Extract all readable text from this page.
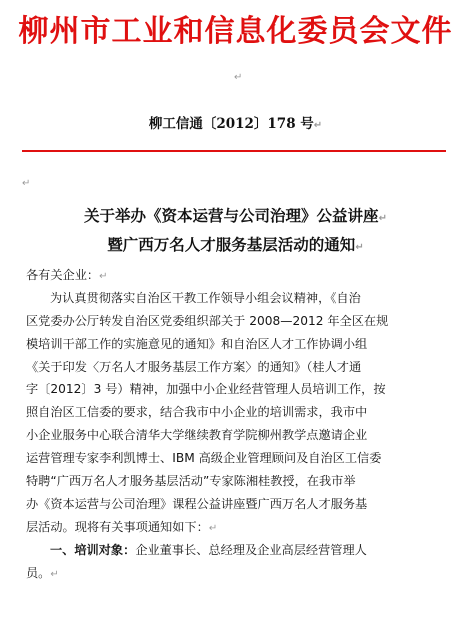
柳州市工业和信息化委员会文件
↵
柳工信通〔2012〕178 号↵
↵
关于举办《资本运营与公司治理》公益讲座↵
暨广西万名人才服务基层活动的通知↵
各有关企业：↵
为认真贯彻落实自治区干教工作领导小组会议精神，《自治
区党委办公厅转发自治区党委组织部关于 2008—2012 年全区在规
模培训干部工作的实施意见的通知》和自治区人才工作协调小组
《关于印发〈万名人才服务基层工作方案〉的通知》（桂人才通
字〔2012〕3 号）精神，加强中小企业经营管理人员培训工作，按
照自治区工信委的要求，结合我市中小企业的培训需求，我市中
小企业服务中心联合清华大学继续教育学院柳州教学点邀请企业
运营管理专家李利凯博士、IBM 高级企业管理顾问及自治区工信委
特聘“广西万名人才服务基层活动”专家陈湘桂教授，在我市举
办《资本运营与公司治理》课程公益讲座暨广西万名人才服务基
层活动。现将有关事项通知如下：↵
一、培训对象：企业董事长、总经理及企业高层经营管理人
员。↵
